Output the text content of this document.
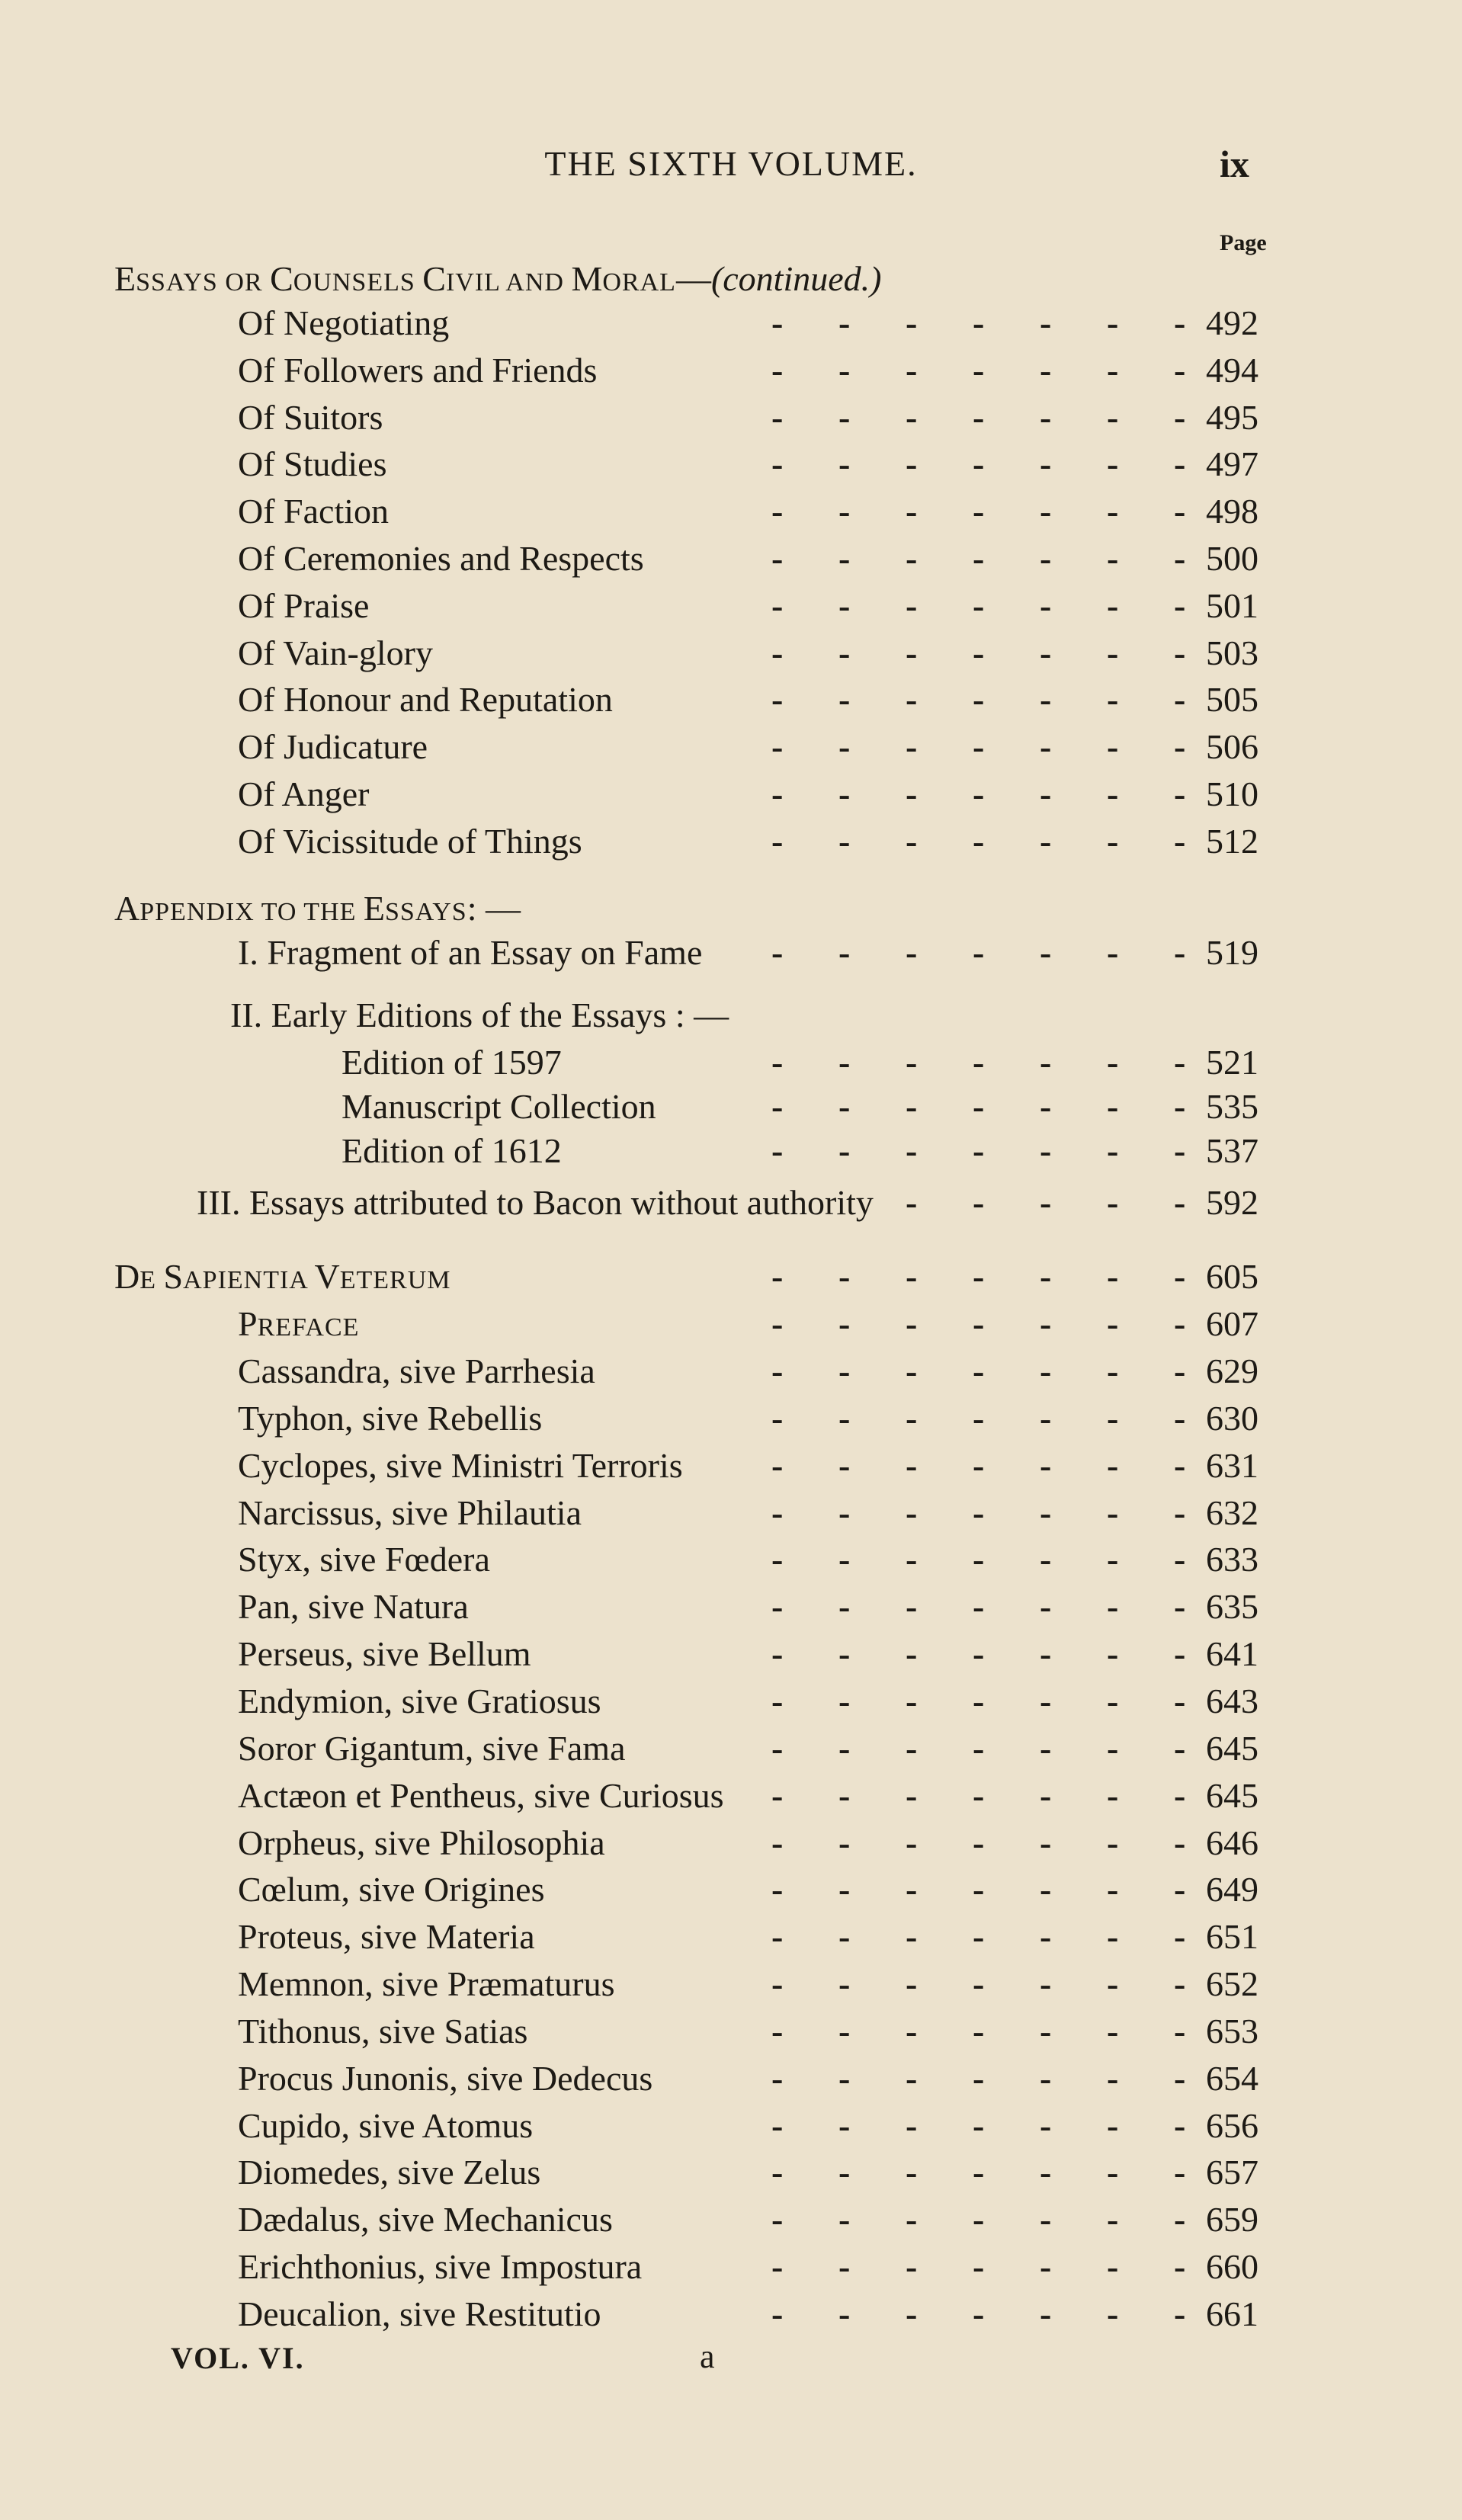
THE SIXTH VOLUME.	ix
Page
ESSAYS OR COUNSELS CIVIL AND MORAL—(continued.)
Of Negotiating	- - - - - - - 492
Of Followers and Friends	- - - - - - - 494
Of Suitors	- - - - - - - 495
Of Studies	- - - - - - - 497
Of Faction	- - - - - - - 498
Of Ceremonies and Respects	- - - - - - - 500
Of Praise	- - - - - - - 501
Of Vain-glory	- - - - - - - 503
Of Honour and Reputation	- - - - - - - 505
Of Judicature	- - - - - - - 506
Of Anger	- - - - - - - 510
Of Vicissitude of Things	- - - - - - - 512
APPENDIX TO THE ESSAYS: —
I. Fragment of an Essay on Fame - - - - - - - 519
II. Early Editions of the Essays : —
Edition of 1597	- - - - - - - 521
Manuscript Collection	- - - - - - - 535
Edition of 1612	- - - - - - - 537
III. Essays attributed to Bacon without authority - - - - - 592
DE SAPIENTIA VETERUM	- - - - - - - 605
PREFACE	- - - - - - - 607
Cassandra, sive Parrhesia	- - - - - - - 629
Typhon, sive Rebellis	- - - - - - - 630
Cyclopes, sive Ministri Terroris	- - - - - - - 631
Narcissus, sive Philautia	- - - - - - - 632
Styx, sive Fœdera	- - - - - - - 633
Pan, sive Natura	- - - - - - - 635
Perseus, sive Bellum	- - - - - - - 641
Endymion, sive Gratiosus	- - - - - - - 643
Soror Gigantum, sive Fama	- - - - - - - 645
Actæon et Pentheus, sive Curiosus - - - - - - - 645
Orpheus, sive Philosophia	- - - - - - - 646
Cœlum, sive Origines	- - - - - - - 649
Proteus, sive Materia	- - - - - - - 651
Memnon, sive Præmaturus	- - - - - - - 652
Tithonus, sive Satias	- - - - - - - 653
Procus Junonis, sive Dedecus	- - - - - - - 654
Cupido, sive Atomus	- - - - - - - 656
Diomedes, sive Zelus	- - - - - - - 657
Dædalus, sive Mechanicus	- - - - - - - 659
Erichthonius, sive Impostura	- - - - - - - 660
Deucalion, sive Restitutio	- - - - - - - 661
VOL. VI.	a
